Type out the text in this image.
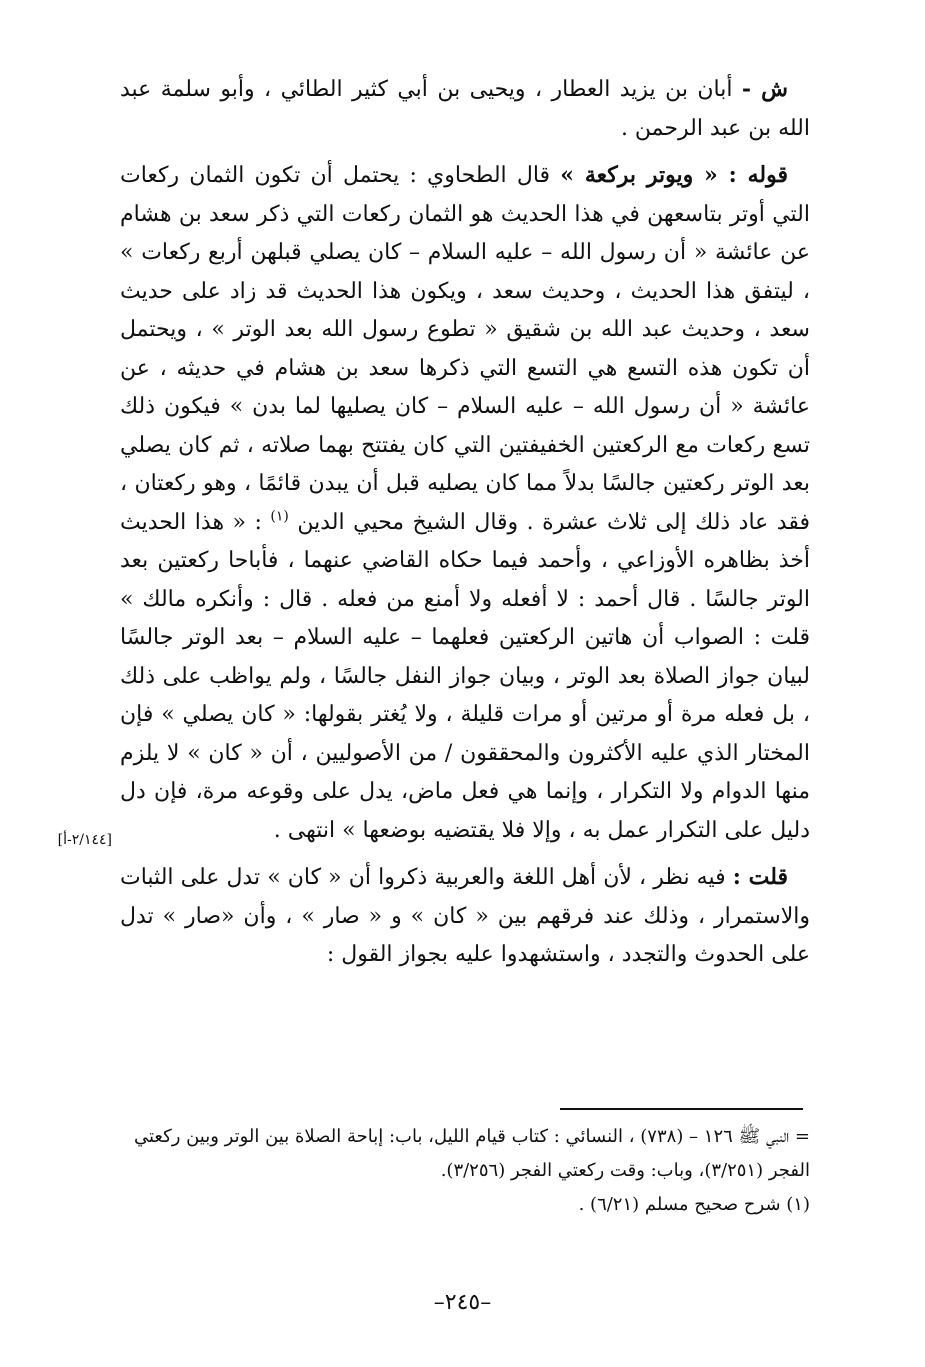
ش - أبان بن يزيد العطار ، ويحيى بن أبي كثير الطائي ، وأبو سلمة عبد الله بن عبد الرحمن .

قوله : « ويوتر بركعة » قال الطحاوي : يحتمل أن تكون الثمان ركعات التي أوتر بتاسعهن في هذا الحديث هو الثمان ركعات التي ذكر سعد بن هشام عن عائشة « أن رسول الله – عليه السلام – كان يصلي قبلهن أربع ركعات » ، ليتفق هذا الحديث ، وحديث سعد ، ويكون هذا الحديث قد زاد على حديث سعد ، وحديث عبد الله بن شقيق « تطوع رسول الله بعد الوتر » ، ويحتمل أن تكون هذه التسع هي التسع التي ذكرها سعد بن هشام في حديثه ، عن عائشة « أن رسول الله – عليه السلام – كان يصليها لما بدن » فيكون ذلك تسع ركعات مع الركعتين الخفيفتين التي كان يفتتح بهما صلاته ، ثم كان يصلي بعد الوتر ركعتين جالسًا بدلاً مما كان يصليه قبل أن يبدن قائمًا ، وهو ركعتان ، فقد عاد ذلك إلى ثلاث عشرة . وقال الشيخ محيي الدين $^{(١)}$ : « هذا الحديث أخذ بظاهره الأوزاعي ، وأحمد فيما حكاه القاضي عنهما ، فأباحا ركعتين بعد الوتر جالسًا . قال أحمد : لا أفعله ولا أمنع من فعله . قال : وأنكره مالك » قلت : الصواب أن هاتين الركعتين فعلهما – عليه السلام – بعد الوتر جالسًا لبيان جواز الصلاة بعد الوتر ، وبيان جواز النفل جالسًا ، ولم يواظب على ذلك ، بل فعله مرة أو مرتين أو مرات قليلة ، ولا يُغتر بقولها: « كان يصلي » فإن المختار الذي عليه الأكثرون والمحققون / من الأصوليين ، أن « كان » لا يلزم منها الدوام ولا التكرار ، وإنما هي فعل ماض، يدل على وقوعه مرة، فإن دل دليل على التكرار عمل به ، وإلا فلا يقتضيه بوضعها » انتهى .

قلت : فيه نظر ، لأن أهل اللغة والعربية ذكروا أن « كان » تدل على الثبات والاستمرار ، وذلك عند فرقهم بين « كان » و « صار » ، وأن «صار » تدل على الحدوث والتجدد ، واستشهدوا عليه بجواز القول :

[٢/١٤٤-أ]

= النبي ﷺ ١٢٦ – (٧٣٨) ، النسائي : كتاب قيام الليل، باب: إباحة الصلاة بين الوتر وبين ركعتي الفجر (٣/٢٥١)، وباب: وقت ركعتي الفجر (٣/٢٥٦).

(١) شرح صحيح مسلم (٦/٢١) .

–٢٤٥–
